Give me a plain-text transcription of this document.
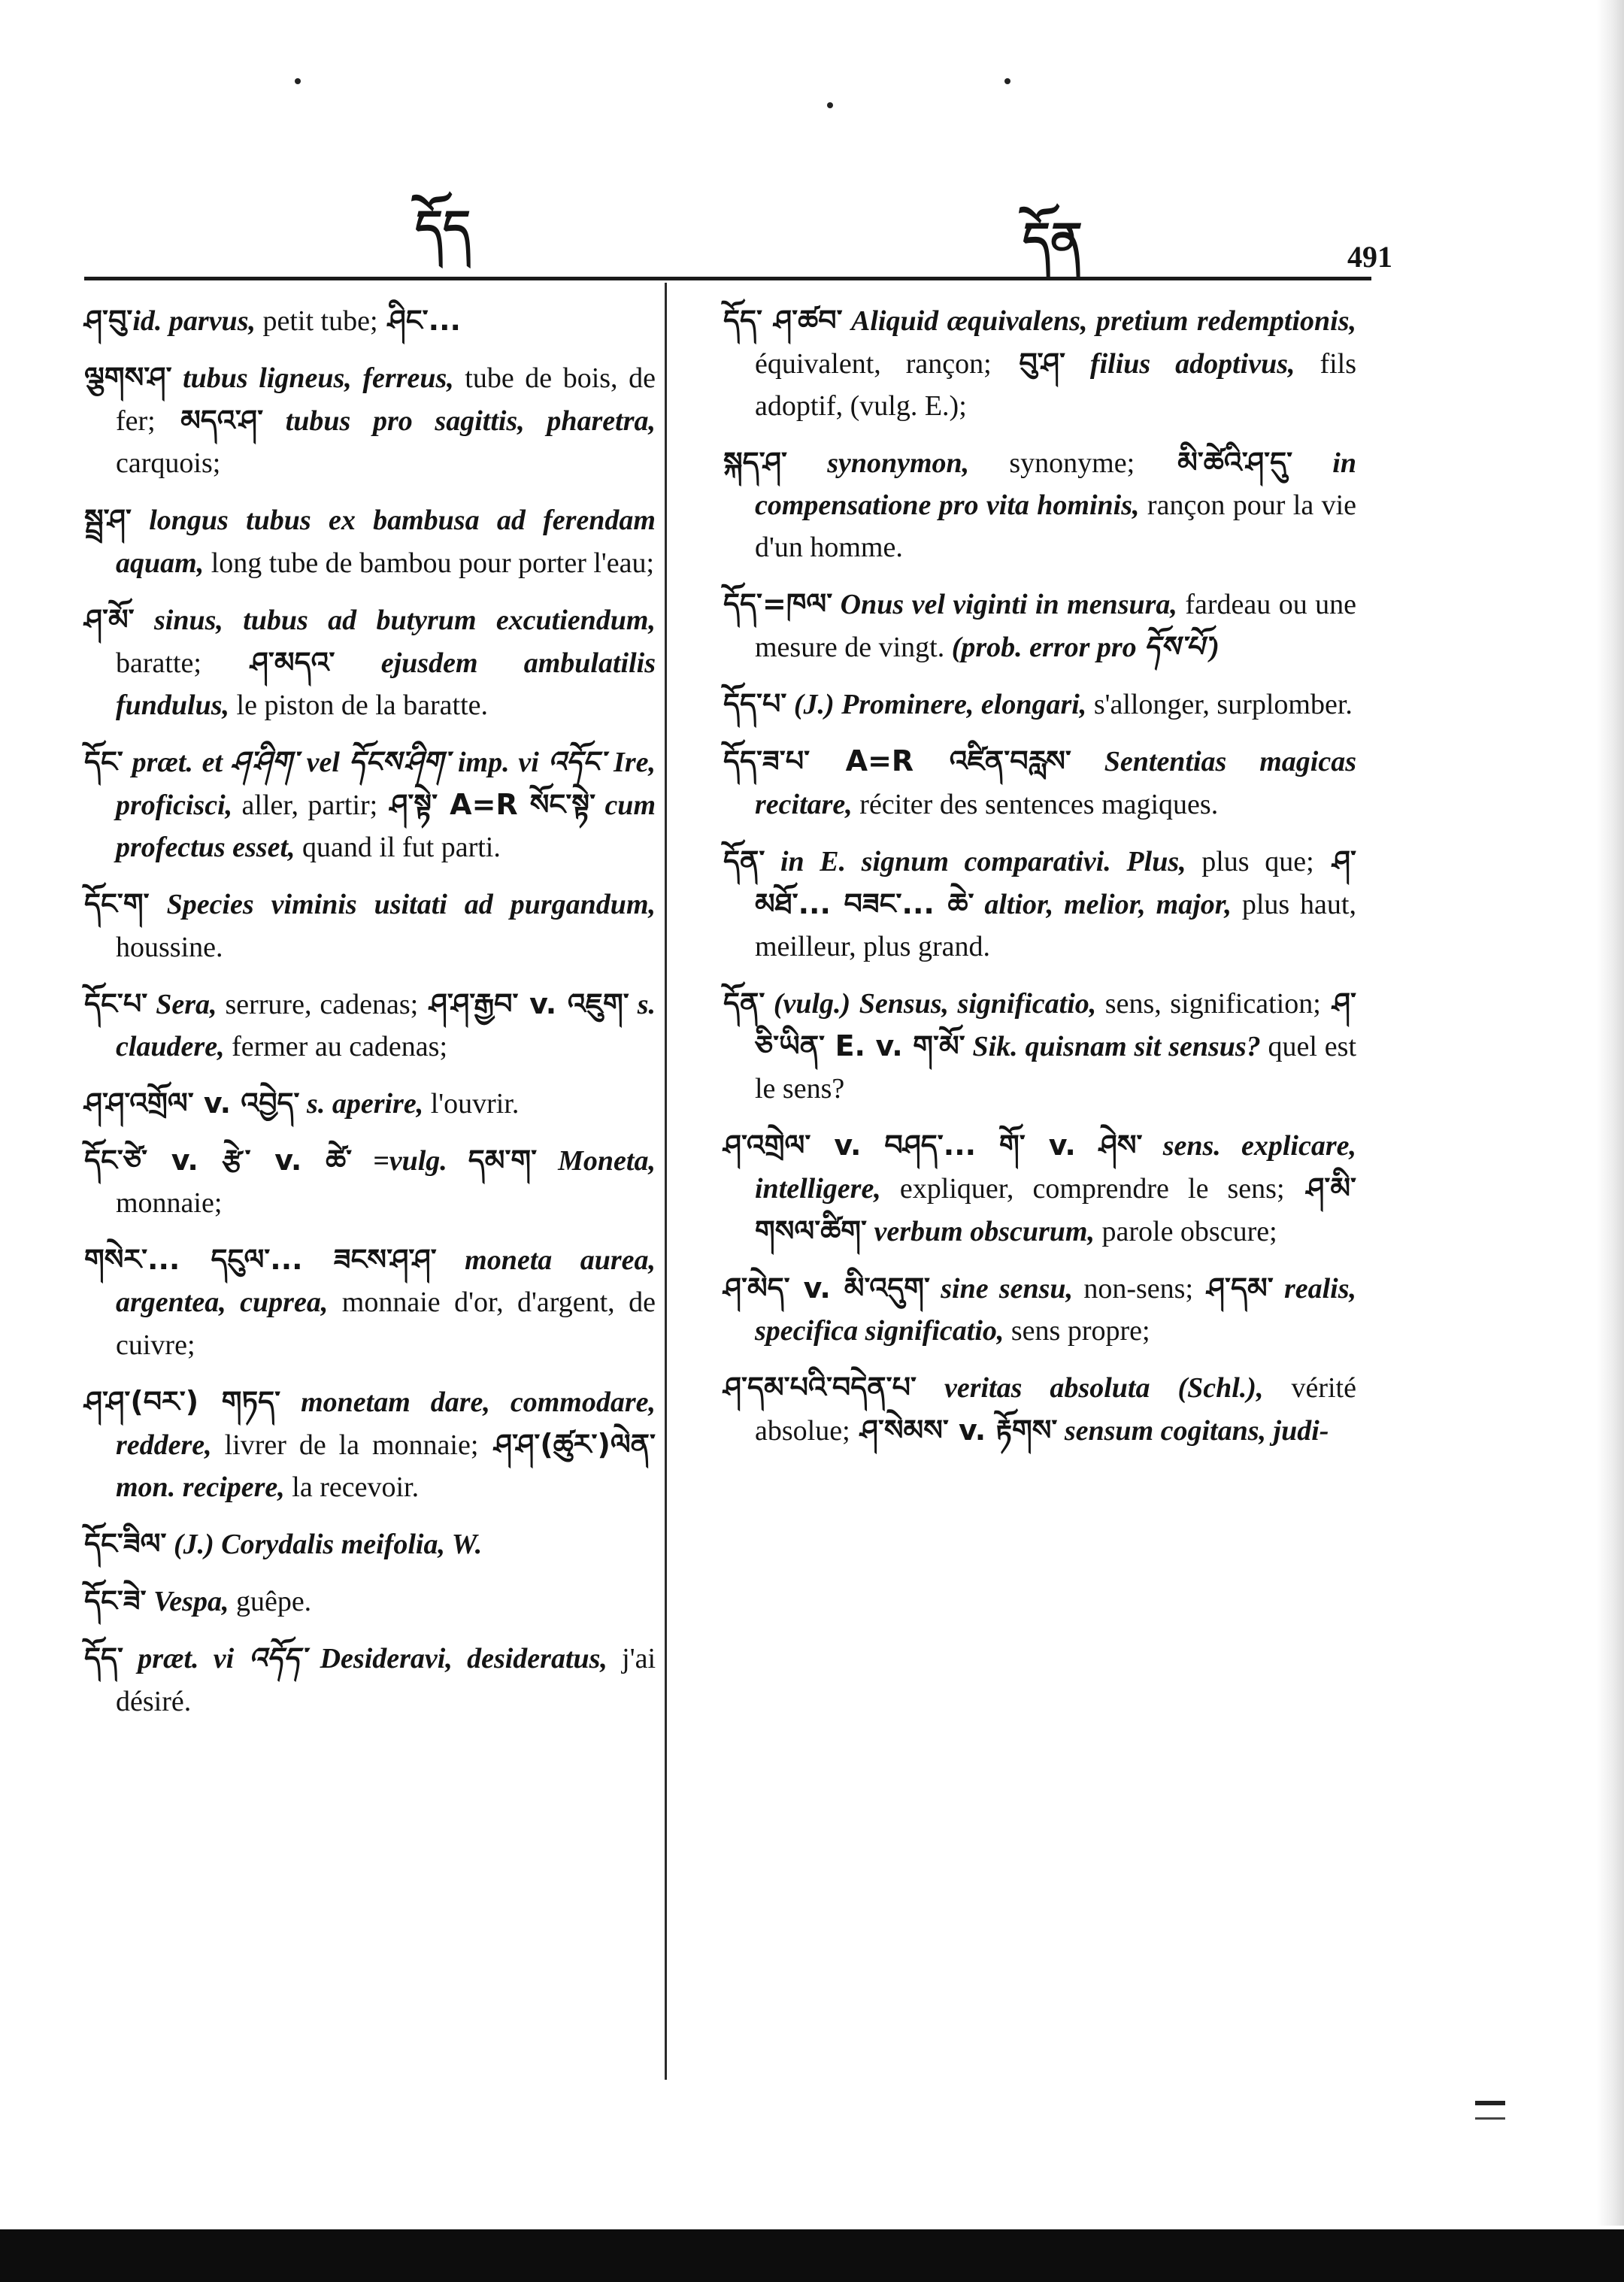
དོད	དོན	491

ཤ་བུ་id. parvus, petit tube; ཤིང་...

ལྕགས་ཤ་ tubus ligneus, ferreus, tube de bois, de fer; མདའ་ཤ་ tubus pro sagittis, pharetra, carquois;

སྦྲ་ཤ་ longus tubus ex bambusa ad ferendam aquam, long tube de bambou pour porter l'eau;

ཤ་མོ་ sinus, tubus ad butyrum excutiendum, baratte; ཤ་མདའ་ ejusdem ambulatilis fundulus, le piston de la baratte.

དོང་ præt. et ཤ་ཤིག་ vel དོངས་ཤིག་ imp. vi འདོང་ Ire, proficisci, aller, partir; ཤ་སྟེ་ A=R སོང་སྟེ་ cum profectus esset, quand il fut parti.

དོང་ག་ Species viminis usitati ad purgandum, houssine.

དོང་པ་ Sera, serrure, cadenas; ཤ་ཤ་རྒྱབ་ v. འཇུག་ s. claudere, fermer au cadenas;

ཤ་ཤ་འགྲོལ་ v. འབྱེད་ s. aperire, l'ouvrir.

དོང་ཙེ་ v. རྩེ་ v. ཚེ་ =vulg. དམ་ག་ Moneta, monnaie;

གསེར་... དངུལ་... ཟངས་ཤ་ཤ་ moneta aurea, argentea, cuprea, monnaie d'or, d'argent, de cuivre;

ཤ་ཤ་(བར་) གཏད་ monetam dare, commodare, reddere, livrer de la monnaie; ཤ་ཤ་(ཚུར་)ལེན་ mon. recipere, la recevoir.

དོང་ཟིལ་ (J.) Corydalis meifolia, W.

དོང་ཟེ་ Vespa, guêpe.

དོད་ præt. vi འདོད་ Desideravi, desideratus, j'ai désiré.

དོད་ ཤ་ཚབ་ Aliquid æquivalens, pretium redemptionis, équivalent, rançon; བུ་ཤ་ filius adoptivus, fils adoptif, (vulg. E.);

སྐད་ཤ་ synonymon, synonyme; མི་ཚེའི་ཤ་དུ་ in compensatione pro vita hominis, rançon pour la vie d'un homme.

དོད་=ཁལ་ Onus vel viginti in mensura, fardeau ou une mesure de vingt. (prob. error pro དོས་པོ་)

དོད་པ་ (J.) Prominere, elongari, s'allonger, surplomber.

དོད་ཟ་པ་ A=R འཛིན་བརླས་ Sententias magicas recitare, réciter des sentences magiques.

དོན་ in E. signum comparativi. Plus, plus que; ཤ་མཐོ་... བཟང་... ཆེ་ altior, melior, major, plus haut, meilleur, plus grand.

དོན་ (vulg.) Sensus, significatio, sens, signification; ཤ་ཅི་ཡིན་ E. v. ག་མོ་ Sik. quisnam sit sensus? quel est le sens?

ཤ་འགྲེལ་ v. བཤད་... གོ་ v. ཤེས་ sens. explicare, intelligere, expliquer, comprendre le sens; ཤ་མི་གསལ་ཚིག་ verbum obscurum, parole obscure;

ཤ་མེད་ v. མི་འདུག་ sine sensu, non-sens; ཤ་དམ་ realis, specifica significatio, sens propre;

ཤ་དམ་པའི་བདེན་པ་ veritas absoluta (Schl.), vérité absolue; ཤ་སེམས་ v. རྟོགས་ sensum cogitans, judi-
